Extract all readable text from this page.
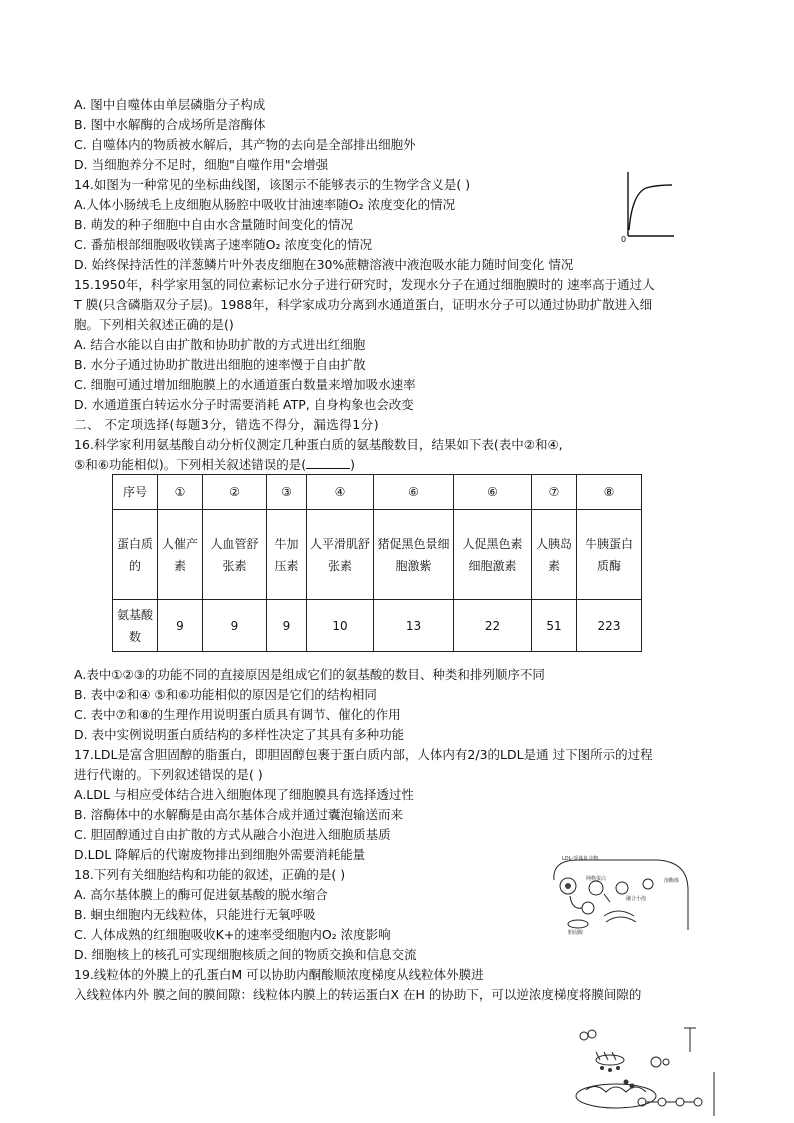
A. 图中自噬体由单层磷脂分子构成
B. 图中水解酶的合成场所是溶酶体
C. 自噬体内的物质被水解后，其产物的去向是全部排出细胞外
D. 当细胞养分不足时，细胞"自噬作用"会增强
14.如图为一种常见的坐标曲线图，该图示不能够表示的生物学含义是( )
A.人体小肠绒毛上皮细胞从肠腔中吸收甘油速率随O₂ 浓度变化的情况
B. 萌发的种子细胞中自由水含量随时间变化的情况
C. 番茄根部细胞吸收镁离子速率随O₂ 浓度变化的情况
D. 始终保持活性的洋葱鳞片叶外表皮细胞在30%蔗糖溶液中液泡吸水能力随时间变化 情况
0
15.1950年，科学家用氢的同位素标记水分子进行研究时，发现水分子在通过细胞膜时的 速率高于通过人
T 膜(只含磷脂双分子层)。1988年，科学家成功分离到水通道蛋白，证明水分子可以通过协助扩散进入细
胞。下列相关叙述正确的是()
A. 结合水能以自由扩散和协助扩散的方式进出红细胞
B. 水分子通过协助扩散进出细胞的速率慢于自由扩散
C. 细胞可通过增加细胞膜上的水通道蛋白数量来增加吸水速率
D. 水通道蛋白转运水分子时需要消耗 ATP, 自身构象也会改变
二、 不定项选择(每题3分，错选不得分，漏选得1分)
16.科学家利用氨基酸自动分析仪测定几种蛋白质的氨基酸数目，结果如下表(表中②和④,
⑤和⑥功能相似)。下列相关叙述错误的是(	)
序号	①	②	③	④	⑥	⑥	⑦	⑧
蛋白质的	人催产素	人血管舒张素	牛加压素	人平滑肌舒张素	猪促黑色景细胞激紫	人促黑色素细胞激素	人胰岛素	牛胰蛋白质酶
氨基酸数	9	9	9	10	13	22	51	223
A.表中①②③的功能不同的直接原因是组成它们的氨基酸的数目、种类和排列顺序不同
B. 表中②和④ ⑤和⑥功能相似的原因是它们的结构相同
C. 表中⑦和⑧的生理作用说明蛋白质具有调节、催化的作用
D. 表中实例说明蛋白质结构的多样性决定了其具有多种功能
17.LDL是富含胆固醇的脂蛋白，即胆固醇包裹于蛋白质内部，人体内有2/3的LDL是通 过下图所示的过程
进行代谢的。下列叙述错误的是( )
A.LDL 与相应受体结合进入细胞体现了细胞膜具有选择透过性
B. 溶酶体中的水解酶是由高尔基体合成并通过囊泡输送而来
C. 胆固醇通过自由扩散的方式从融合小泡进入细胞质基质
D.LDL 降解后的代谢废物排出到细胞外需要消耗能量	LDL-受体复合物
溶酶体
网格蛋白
融合小泡
胆固醇
18.下列有关细胞结构和功能的叙述，正确的是( )
A. 高尔基体膜上的酶可促进氨基酸的脱水缩合
B. 蛔虫细胞内无线粒体，只能进行无氧呼吸
C. 人体成熟的红细胞吸收K+的速率受细胞内O₂ 浓度影响
D. 细胞核上的核孔可实现细胞核质之间的物质交换和信息交流
19.线粒体的外膜上的孔蛋白M 可以协助内酮酸顺浓度梯度从线粒体外膜进
入线粒体内外 膜之间的膜间隙：线粒体内膜上的转运蛋白X 在H 的协助下，可以逆浓度梯度将膜间隙的
